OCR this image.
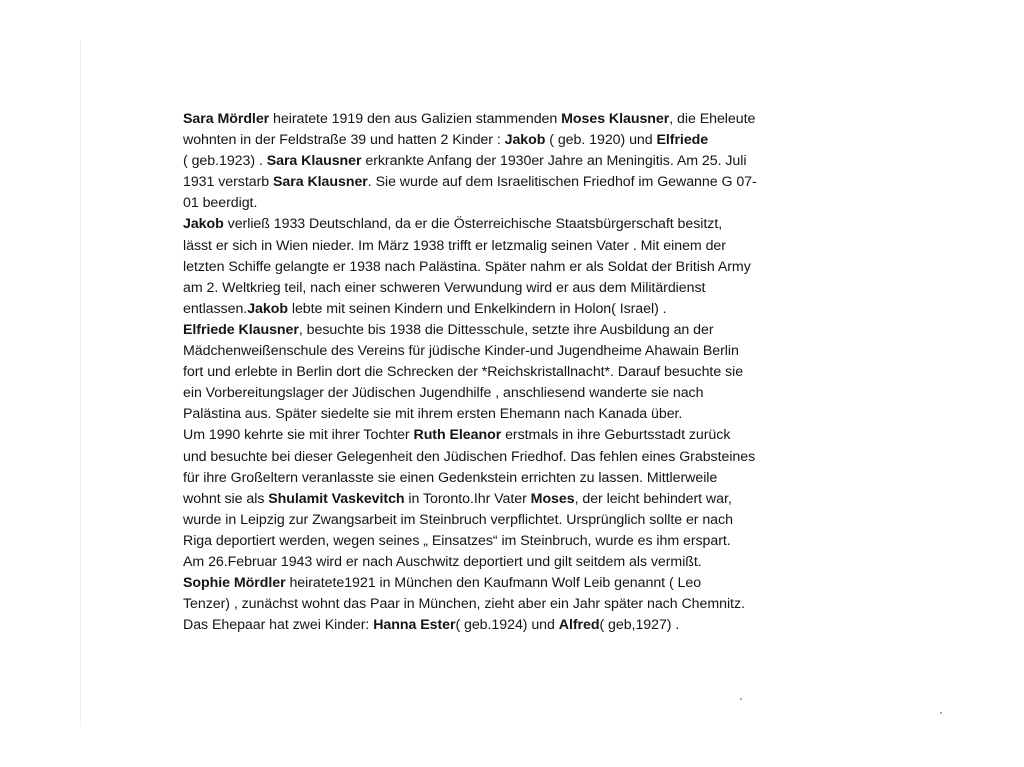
Sara Mördler heiratete 1919 den aus Galizien stammenden Moses Klausner, die Eheleute
wohnten in der Feldstraße 39 und hatten 2 Kinder : Jakob ( geb. 1920) und Elfriede
( geb.1923) . Sara Klausner erkrankte Anfang der 1930er Jahre an Meningitis. Am 25. Juli
1931 verstarb Sara Klausner. Sie wurde auf dem Israelitischen Friedhof im Gewanne G 07-
01 beerdigt.
Jakob verließ 1933 Deutschland, da er die Österreichische Staatsbürgerschaft besitzt,
lässt er sich in Wien nieder. Im März 1938 trifft er letzmalig seinen Vater . Mit einem der
letzten Schiffe gelangte er 1938 nach Palästina. Später nahm er als Soldat der British Army
am 2. Weltkrieg teil, nach einer schweren Verwundung wird er aus dem Militärdienst
entlassen.Jakob lebte mit seinen Kindern und Enkelkindern in Holon( Israel) .
Elfriede Klausner, besuchte bis 1938 die Dittesschule, setzte ihre Ausbildung an der
Mädchenweißenschule des Vereins für jüdische Kinder-und Jugendheime Ahawain Berlin
fort und erlebte in Berlin dort die Schrecken der *Reichskristallnacht*. Darauf besuchte sie
ein Vorbereitungslager der Jüdischen Jugendhilfe , anschliesend wanderte sie nach
Palästina aus. Später siedelte sie mit ihrem ersten Ehemann nach Kanada über.
Um 1990 kehrte sie mit ihrer Tochter Ruth Eleanor erstmals in ihre Geburtsstadt zurück
und besuchte bei dieser Gelegenheit den Jüdischen Friedhof. Das fehlen eines Grabsteines
für ihre Großeltern veranlasste sie einen Gedenkstein errichten zu lassen. Mittlerweile
wohnt sie als Shulamit Vaskevitch in Toronto.Ihr Vater Moses, der leicht behindert war,
wurde in Leipzig zur Zwangsarbeit im Steinbruch verpflichtet. Ursprünglich sollte er nach
Riga deportiert werden, wegen seines „ Einsatzes“ im Steinbruch, wurde es ihm erspart.
Am 26.Februar 1943 wird er nach Auschwitz deportiert und gilt seitdem als vermißt.
Sophie Mördler heiratete1921 in München den Kaufmann Wolf Leib genannt ( Leo
Tenzer) , zunächst wohnt das Paar in München, zieht aber ein Jahr später nach Chemnitz.
Das Ehepaar hat zwei Kinder: Hanna Ester( geb.1924) und Alfred( geb,1927) .
